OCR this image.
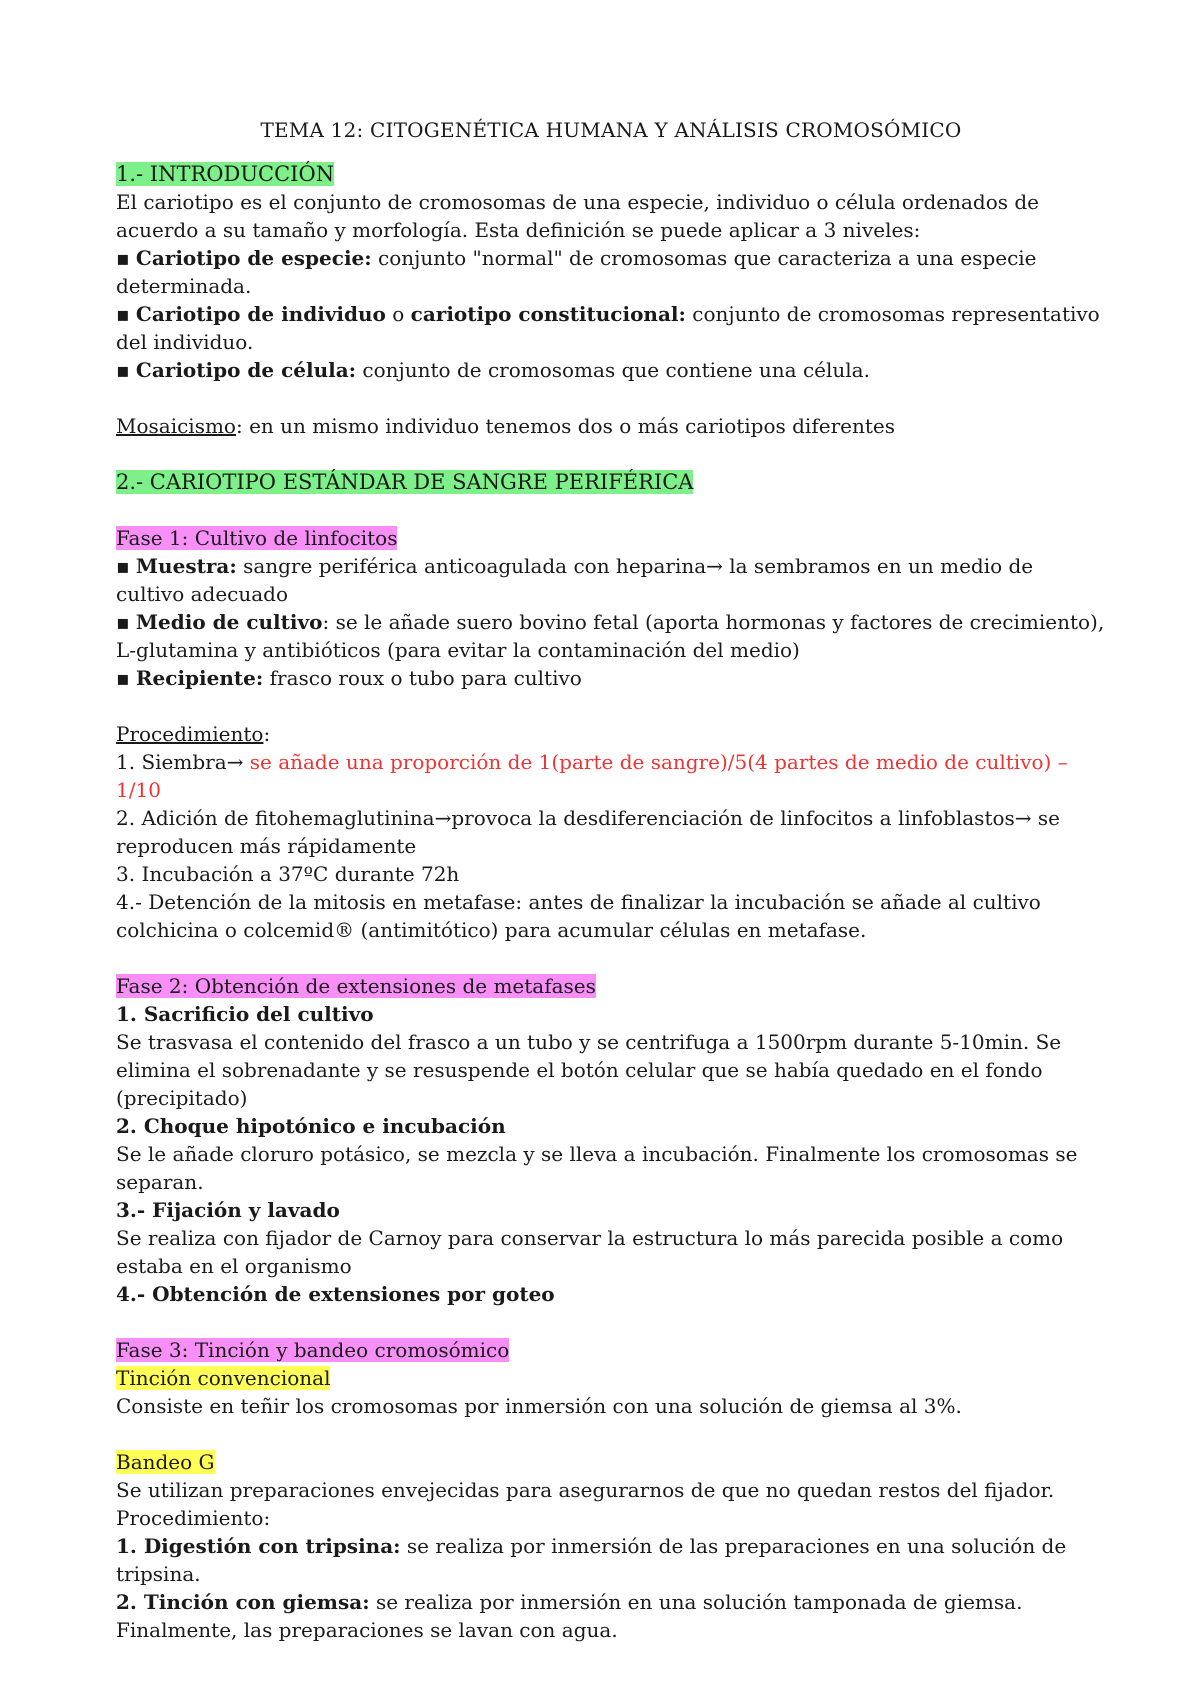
TEMA 12: CITOGENÉTICA HUMANA Y ANÁLISIS CROMOSÓMICO

1.- INTRODUCCIÓN

El cariotipo es el conjunto de cromosomas de una especie, individuo o célula ordenados de acuerdo a su tamaño y morfología. Esta definición se puede aplicar a 3 niveles:

▪ Cariotipo de especie: conjunto "normal" de cromosomas que caracteriza a una especie determinada.

▪ Cariotipo de individuo o cariotipo constitucional: conjunto de cromosomas representativo del individuo.

▪ Cariotipo de célula: conjunto de cromosomas que contiene una célula.

Mosaicismo: en un mismo individuo tenemos dos o más cariotipos diferentes

2.- CARIOTIPO ESTÁNDAR DE SANGRE PERIFÉRICA

Fase 1: Cultivo de linfocitos

▪ Muestra: sangre periférica anticoagulada con heparina→ la sembramos en un medio de cultivo adecuado

▪ Medio de cultivo: se le añade suero bovino fetal (aporta hormonas y factores de crecimiento), L-glutamina y antibióticos (para evitar la contaminación del medio)

▪ Recipiente: frasco roux o tubo para cultivo

Procedimiento:

1. Siembra→ se añade una proporción de 1(parte de sangre)/5(4 partes de medio de cultivo) – 1/10

2. Adición de fitohemaglutinina→provoca la desdiferenciación de linfocitos a linfoblastos→ se reproducen más rápidamente

3. Incubación a 37ºC durante 72h

4.- Detención de la mitosis en metafase: antes de finalizar la incubación se añade al cultivo colchicina o colcemid® (antimitótico) para acumular células en metafase.

Fase 2: Obtención de extensiones de metafases

1. Sacrificio del cultivo

Se trasvasa el contenido del frasco a un tubo y se centrifuga a 1500rpm durante 5-10min. Se elimina el sobrenadante y se resuspende el botón celular que se había quedado en el fondo (precipitado)

2. Choque hipotónico e incubación

Se le añade cloruro potásico, se mezcla y se lleva a incubación. Finalmente los cromosomas se separan.

3.- Fijación y lavado

Se realiza con fijador de Carnoy para conservar la estructura lo más parecida posible a como estaba en el organismo

4.- Obtención de extensiones por goteo

Fase 3: Tinción y bandeo cromosómico

Tinción convencional

Consiste en teñir los cromosomas por inmersión con una solución de giemsa al 3%.

Bandeo G

Se utilizan preparaciones envejecidas para asegurarnos de que no quedan restos del fijador.

Procedimiento:

1. Digestión con tripsina: se realiza por inmersión de las preparaciones en una solución de tripsina.

2. Tinción con giemsa: se realiza por inmersión en una solución tamponada de giemsa.

Finalmente, las preparaciones se lavan con agua.
